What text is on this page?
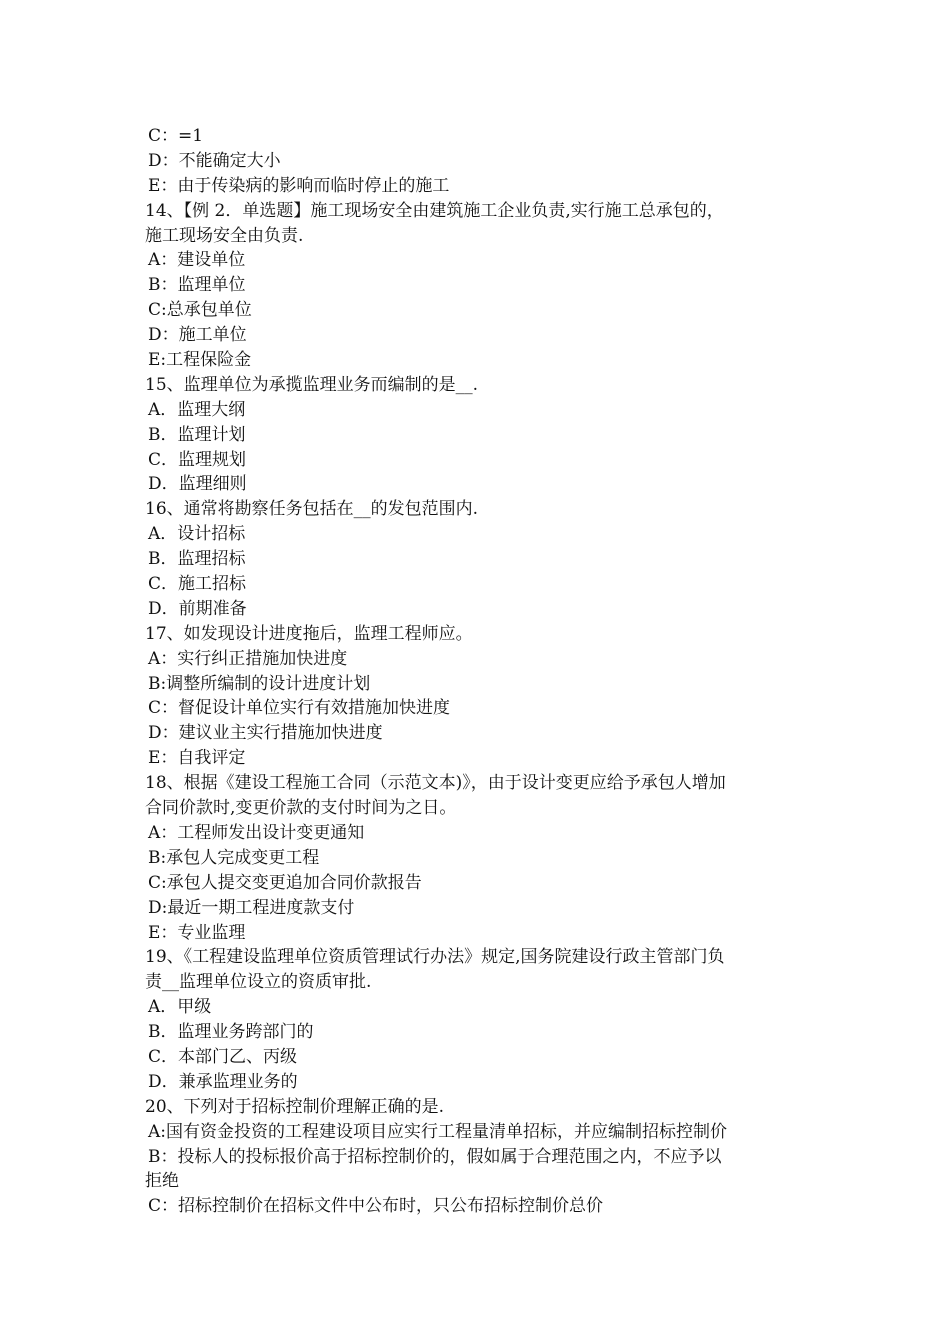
C：=1
D：不能确定大小
E：由于传染病的影响而临时停止的施工
14、【例 2．单选题】施工现场安全由建筑施工企业负责,实行施工总承包的，
施工现场安全由负责.
A：建设单位
B：监理单位
C:总承包单位
D：施工单位
E:工程保险金
15、监理单位为承揽监理业务而编制的是__.
A．监理大纲
B．监理计划
C．监理规划
D．监理细则
16、通常将勘察任务包括在__的发包范围内.
A．设计招标
B．监理招标
C．施工招标
D．前期准备
17、如发现设计进度拖后，监理工程师应。
A：实行纠正措施加快进度
B:调整所编制的设计进度计划
C：督促设计单位实行有效措施加快进度
D：建议业主实行措施加快进度
E：自我评定
18、根据《建设工程施工合同（示范文本)》，由于设计变更应给予承包人增加
合同价款时,变更价款的支付时间为之日。
A：工程师发出设计变更通知
B:承包人完成变更工程
C:承包人提交变更追加合同价款报告
D:最近一期工程进度款支付
E：专业监理
19、《工程建设监理单位资质管理试行办法》规定,国务院建设行政主管部门负
责__监理单位设立的资质审批.
A．甲级
B．监理业务跨部门的
C．本部门乙、丙级
D．兼承监理业务的
20、下列对于招标控制价理解正确的是.
A:国有资金投资的工程建设项目应实行工程量清单招标，并应编制招标控制价
B：投标人的投标报价高于招标控制价的，假如属于合理范围之内，不应予以
拒绝
C：招标控制价在招标文件中公布时，只公布招标控制价总价
